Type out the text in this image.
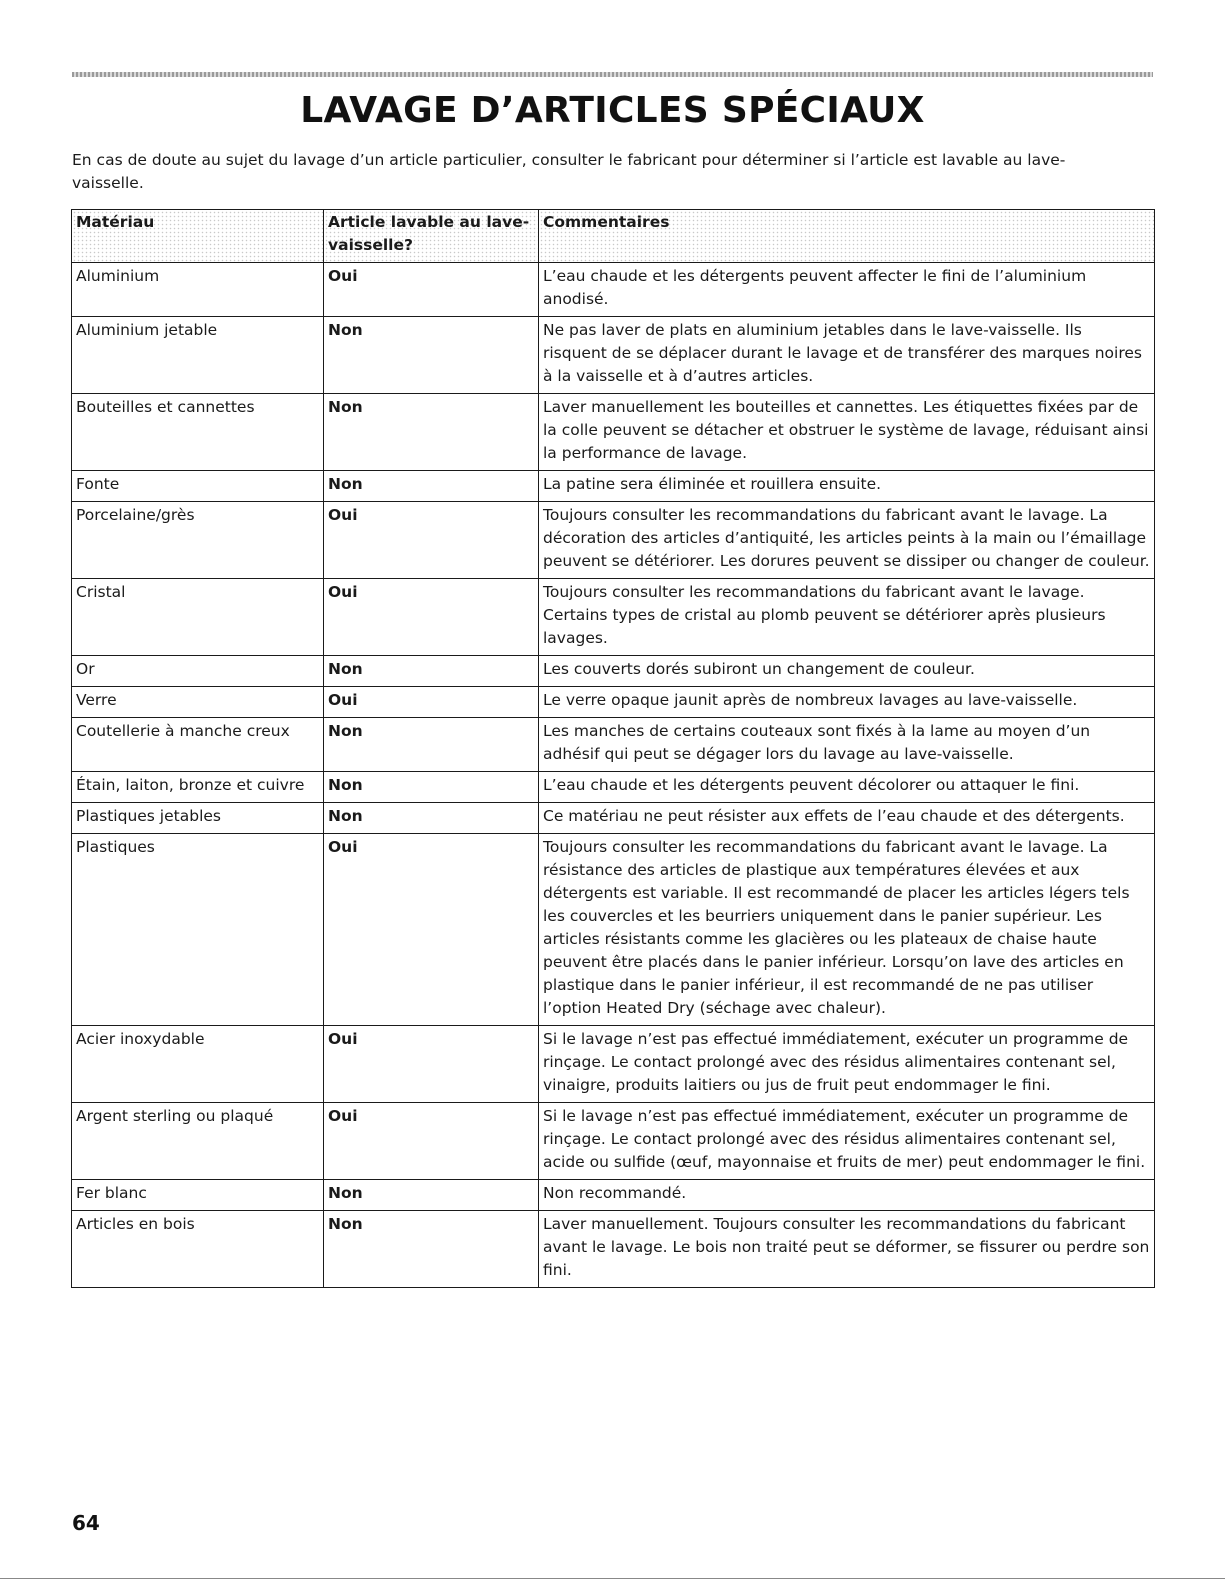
LAVAGE D’ARTICLES SPÉCIAUX

En cas de doute au sujet du lavage d’un article particulier, consulter le fabricant pour déterminer si l’article est lavable au lave-vaisselle.

Matériau	Article lavable au lave-vaisselle?	Commentaires
Aluminium	Oui	L’eau chaude et les détergents peuvent affecter le fini de l’aluminium anodisé.
Aluminium jetable	Non	Ne pas laver de plats en aluminium jetables dans le lave-vaisselle. Ils risquent de se déplacer durant le lavage et de transférer des marques noires à la vaisselle et à d’autres articles.
Bouteilles et cannettes	Non	Laver manuellement les bouteilles et cannettes. Les étiquettes fixées par de la colle peuvent se détacher et obstruer le système de lavage, réduisant ainsi la performance de lavage.
Fonte	Non	La patine sera éliminée et rouillera ensuite.
Porcelaine/grès	Oui	Toujours consulter les recommandations du fabricant avant le lavage. La décoration des articles d’antiquité, les articles peints à la main ou l’émaillage peuvent se détériorer. Les dorures peuvent se dissiper ou changer de couleur.
Cristal	Oui	Toujours consulter les recommandations du fabricant avant le lavage. Certains types de cristal au plomb peuvent se détériorer après plusieurs lavages.
Or	Non	Les couverts dorés subiront un changement de couleur.
Verre	Oui	Le verre opaque jaunit après de nombreux lavages au lave-vaisselle.
Coutellerie à manche creux	Non	Les manches de certains couteaux sont fixés à la lame au moyen d’un adhésif qui peut se dégager lors du lavage au lave-vaisselle.
Étain, laiton, bronze et cuivre	Non	L’eau chaude et les détergents peuvent décolorer ou attaquer le fini.
Plastiques jetables	Non	Ce matériau ne peut résister aux effets de l’eau chaude et des détergents.
Plastiques	Oui	Toujours consulter les recommandations du fabricant avant le lavage. La résistance des articles de plastique aux températures élevées et aux détergents est variable. Il est recommandé de placer les articles légers tels les couvercles et les beurriers uniquement dans le panier supérieur. Les articles résistants comme les glacières ou les plateaux de chaise haute peuvent être placés dans le panier inférieur. Lorsqu’on lave des articles en plastique dans le panier inférieur, il est recommandé de ne pas utiliser l’option Heated Dry (séchage avec chaleur).
Acier inoxydable	Oui	Si le lavage n’est pas effectué immédiatement, exécuter un programme de rinçage. Le contact prolongé avec des résidus alimentaires contenant sel, vinaigre, produits laitiers ou jus de fruit peut endommager le fini.
Argent sterling ou plaqué	Oui	Si le lavage n’est pas effectué immédiatement, exécuter un programme de rinçage. Le contact prolongé avec des résidus alimentaires contenant sel, acide ou sulfide (œuf, mayonnaise et fruits de mer) peut endommager le fini.
Fer blanc	Non	Non recommandé.
Articles en bois	Non	Laver manuellement. Toujours consulter les recommandations du fabricant avant le lavage. Le bois non traité peut se déformer, se fissurer ou perdre son fini.
64
